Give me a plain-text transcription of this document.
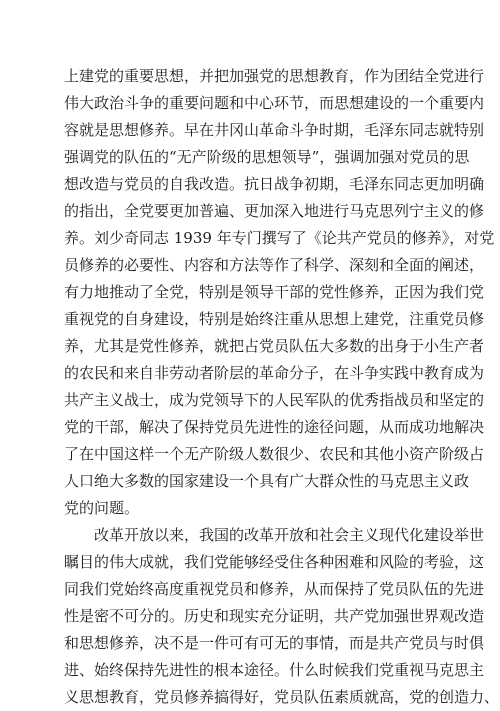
上建党的重要思想，并把加强党的思想教育，作为团结全党进行
伟大政治斗争的重要问题和中心环节，而思想建设的一个重要内
容就是思想修养。早在井冈山革命斗争时期，毛泽东同志就特别
强调党的队伍的“无产阶级的思想领导”，强调加强对党员的思
想改造与党员的自我改造。抗日战争初期，毛泽东同志更加明确
的指出，全党要更加普遍、更加深入地进行马克思列宁主义的修
养。刘少奇同志 1939 年专门撰写了《论共产党员的修养》，对党
员修养的必要性、内容和方法等作了科学、深刻和全面的阐述，
有力地推动了全党，特别是领导干部的党性修养，正因为我们党
重视党的自身建设，特别是始终注重从思想上建党，注重党员修
养，尤其是党性修养，就把占党员队伍大多数的出身于小生产者
的农民和来自非劳动者阶层的革命分子，在斗争实践中教育成为
共产主义战士，成为党领导下的人民军队的优秀指战员和坚定的
党的干部，解决了保持党员先进性的途径问题，从而成功地解决
了在中国这样一个无产阶级人数很少、农民和其他小资产阶级占
人口绝大多数的国家建设一个具有广大群众性的马克思主义政
党的问题。
改革开放以来，我国的改革开放和社会主义现代化建设举世
瞩目的伟大成就，我们党能够经受住各种困难和风险的考验，这
同我们党始终高度重视党员和修养，从而保持了党员队伍的先进
性是密不可分的。历史和现实充分证明，共产党加强世界观改造
和思想修养，决不是一件可有可无的事情，而是共产党员与时俱
进、始终保持先进性的根本途径。什么时候我们党重视马克思主
义思想教育，党员修养搞得好，党员队伍素质就高，党的创造力、
